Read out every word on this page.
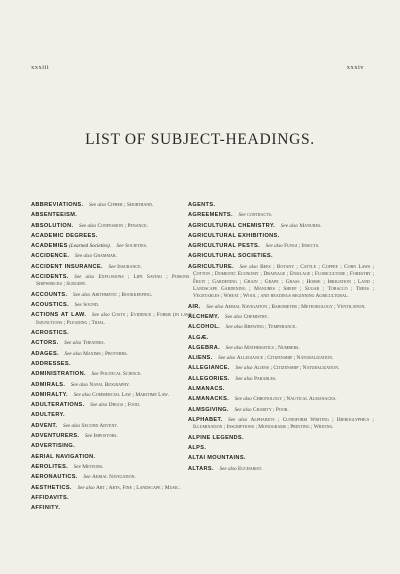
xxxiii	xxxiv
LIST OF SUBJECT-HEADINGS.
ABBREVIATIONS.  See also Cipher ; Shorthand.
ABSENTEEISM.
ABSOLUTION.  See also Confession ; Penance.
ACADEMIC DEGREES.
ACADEMIES (Learned Societies).  See Societies.
ACCIDENCE.  See also Grammar.
ACCIDENT INSURANCE.  See Insurance.
ACCIDENTS.  See also Explosions ; Life Saving ; Poisons ; Shipwrecks ; Surgery.
ACCOUNTS.  See also Arithmetic ; Bookkeeping.
ACOUSTICS.  See Sound.
ACTIONS AT LAW.  See also Costs ; Evidence ; Forms (in law) ; Injunctions ; Pleading ; Trial.
ACROSTICS.
ACTORS.  See also Theatres.
ADAGES.  See also Maxims ; Proverbs.
ADDRESSES.
ADMINISTRATION.  See Political Science.
ADMIRALS.  See also Naval Biography.
ADMIRALTY.  See also Commercial Law ; Maritime Law.
ADULTERATIONS.  See also Drugs ; Food.
ADULTERY.
ADVENT.  See also Second Advent.
ADVENTURERS.  See Impostors.
ADVERTISING.
AERIAL NAVIGATION.
AEROLITES.  See Meteors.
AERONAUTICS.  See Aerial Navigation.
AESTHETICS.  See also Art ; Arts, Fine ; Landscape ; Music.
AFFIDAVITS.
AFFINITY.
AGENTS.
AGREEMENTS.  See contracts.
AGRICULTURAL CHEMISTRY.  See also Manures.
AGRICULTURAL EXHIBITIONS.
AGRICULTURAL PESTS.  See also Fungi ; Insects.
AGRICULTURAL SOCIETIES.
AGRICULTURE.  See also Bees ; Botany ; Cattle ; Coffee ; Corn Laws ; Cotton ; Domestic Economy ; Drainage ; Ensilage ; Floriculture ; Forestry ; Fruit ; Gardening ; Grain ; Grape ; Grass ; Horse ; Irrigation ; Land ; Landscape Gardening ; Manures ; Sheep ; Sugar ; Tobacco ; Trees ; Vegetables ; Wheat ; Wool ; and headings beginning Agricultural.
AIR.  See also Aerial Navigation ; Barometer ; Meteorology ; Ventilation.
ALCHEMY.  See also Chemistry.
ALCOHOL.  See also Brewing ; Temperance.
ALGÆ.
ALGEBRA.  See also Mathematics ; Numbers.
ALIENS.  See also Allegiance ; Citizenship ; Naturalization.
ALLEGIANCE.  See also Aliens ; Citizenship ; Naturalization.
ALLEGORIES.  See also Parables.
ALMANACS.
ALMANACKS.  See also Chronology ; Nautical Almanacks.
ALMSGIVING.  See also Charity ; Poor.
ALPHABET.  See also Alphabets ; Cuneiform Writing ; Hieroglyphics ; Illumination ; Inscriptions ; Monograms ; Printing ; Writing.
ALPINE LEGENDS.
ALPS.
ALTAI MOUNTAINS.
ALTARS.  See also Eucharist.
